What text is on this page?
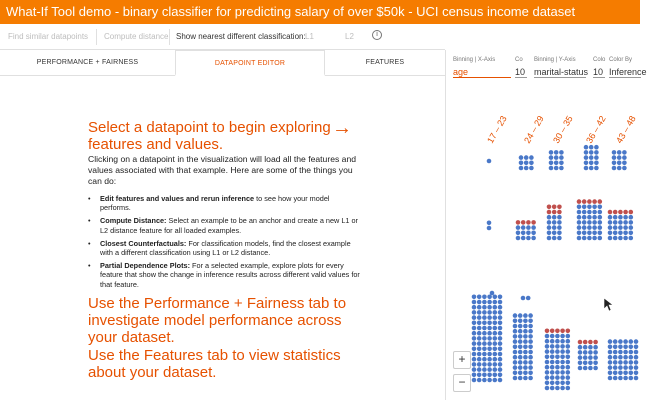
What-If Tool demo - binary classifier for predicting salary of over $50k - UCI census income dataset
Find similar datapoints Compute distance Show nearest different classification: L1	L2	i
PERFORMANCE + FAIRNESS	DATAPOINT EDITOR	FEATURES
Select a datapoint to begin exploring features and values.
→
Clicking on a datapoint in the visualization will load all the features and values associated with that example. Here are some of the things you can do:
• Edit features and values and rerun inference to see how your model performs.
• Compute Distance: Select an example to be an anchor and create a new L1 or L2 distance feature for all loaded examples.
• Closest Counterfactuals: For classification models, find the closest example with a different classification using L1 or L2 distance.
• Partial Dependence Plots: For a selected example, explore plots for every feature that show the change in inference results across different valid values for that feature.
Use the Performance + Fairness tab to investigate model performance across your dataset.
Use the Features tab to view statistics about your dataset.
Binning | X-Axis
age
Co
10
Binning | Y-Axis
marital-status
Colo
10
Color By
Inference
17 – 23 24 – 29 30 – 35 36 – 42 43 – 48
+
−
